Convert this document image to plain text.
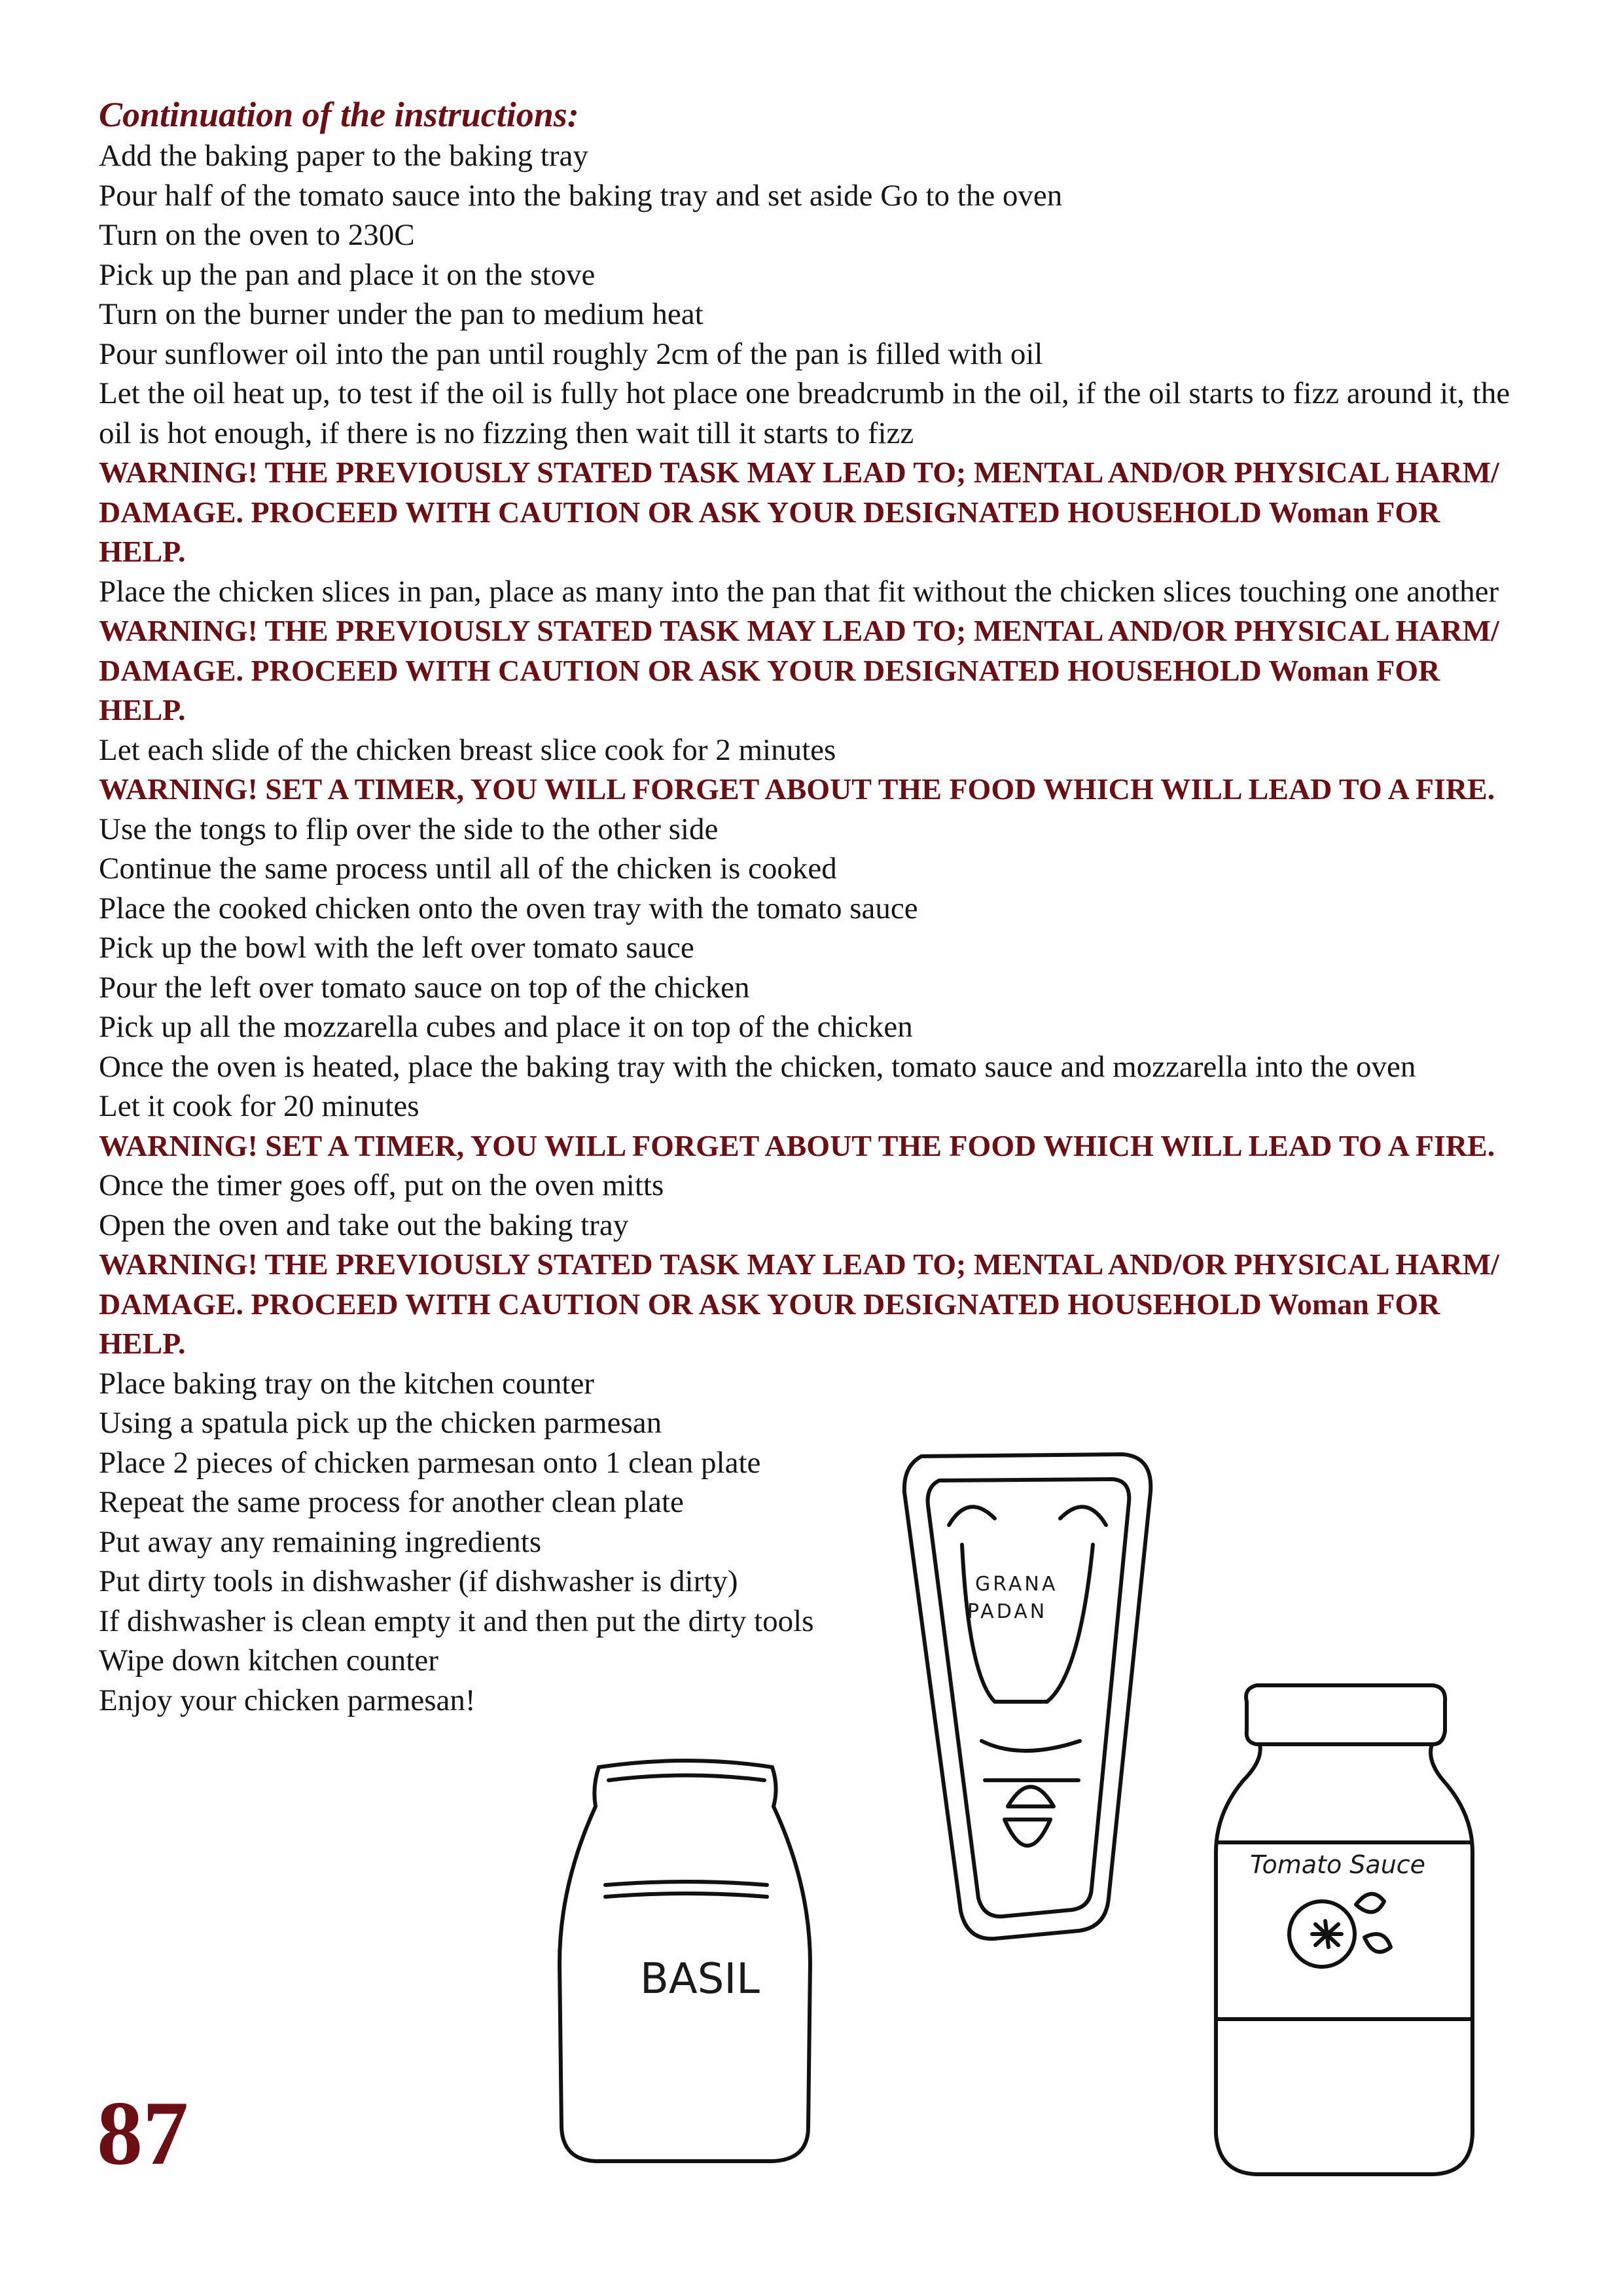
Continuation of the instructions:

Add the baking paper to the baking tray

Pour half of the tomato sauce into the baking tray and set aside Go to the oven

Turn on the oven to 230C

Pick up the pan and place it on the stove

Turn on the burner under the pan to medium heat

Pour sunflower oil into the pan until roughly 2cm of the pan is filled with oil

Let the oil heat up, to test if the oil is fully hot place one breadcrumb in the oil, if the oil starts to fizz around it, the oil is hot enough, if there is no fizzing then wait till it starts to fizz

WARNING! THE PREVIOUSLY STATED TASK MAY LEAD TO; MENTAL AND/OR PHYSICAL HARM/ DAMAGE. PROCEED WITH CAUTION OR ASK YOUR DESIGNATED HOUSEHOLD Woman FOR HELP.

Place the chicken slices in pan, place as many into the pan that fit without the chicken slices touching one another

WARNING! THE PREVIOUSLY STATED TASK MAY LEAD TO; MENTAL AND/OR PHYSICAL HARM/ DAMAGE. PROCEED WITH CAUTION OR ASK YOUR DESIGNATED HOUSEHOLD Woman FOR HELP.

Let each slide of the chicken breast slice cook for 2 minutes

WARNING! SET A TIMER, YOU WILL FORGET ABOUT THE FOOD WHICH WILL LEAD TO A FIRE.

Use the tongs to flip over the side to the other side

Continue the same process until all of the chicken is cooked

Place the cooked chicken onto the oven tray with the tomato sauce

Pick up the bowl with the left over tomato sauce

Pour the left over tomato sauce on top of the chicken

Pick up all the mozzarella cubes and place it on top of the chicken

Once the oven is heated, place the baking tray with the chicken, tomato sauce and mozzarella into the oven

Let it cook for 20 minutes

WARNING! SET A TIMER, YOU WILL FORGET ABOUT THE FOOD WHICH WILL LEAD TO A FIRE.

Once the timer goes off, put on the oven mitts

Open the oven and take out the baking tray

WARNING! THE PREVIOUSLY STATED TASK MAY LEAD TO; MENTAL AND/OR PHYSICAL HARM/ DAMAGE. PROCEED WITH CAUTION OR ASK YOUR DESIGNATED HOUSEHOLD Woman FOR HELP.

Place baking tray on the kitchen counter

Using a spatula pick up the chicken parmesan

Place 2 pieces of chicken parmesan onto 1 clean plate

Repeat the same process for another clean plate

Put away any remaining ingredients

Put dirty tools in dishwasher (if dishwasher is dirty)

If dishwasher is clean empty it and then put the dirty tools

Wipe down kitchen counter

Enjoy your chicken parmesan!

GRANA
PADAN
BASIL
Tomato Sauce
87
